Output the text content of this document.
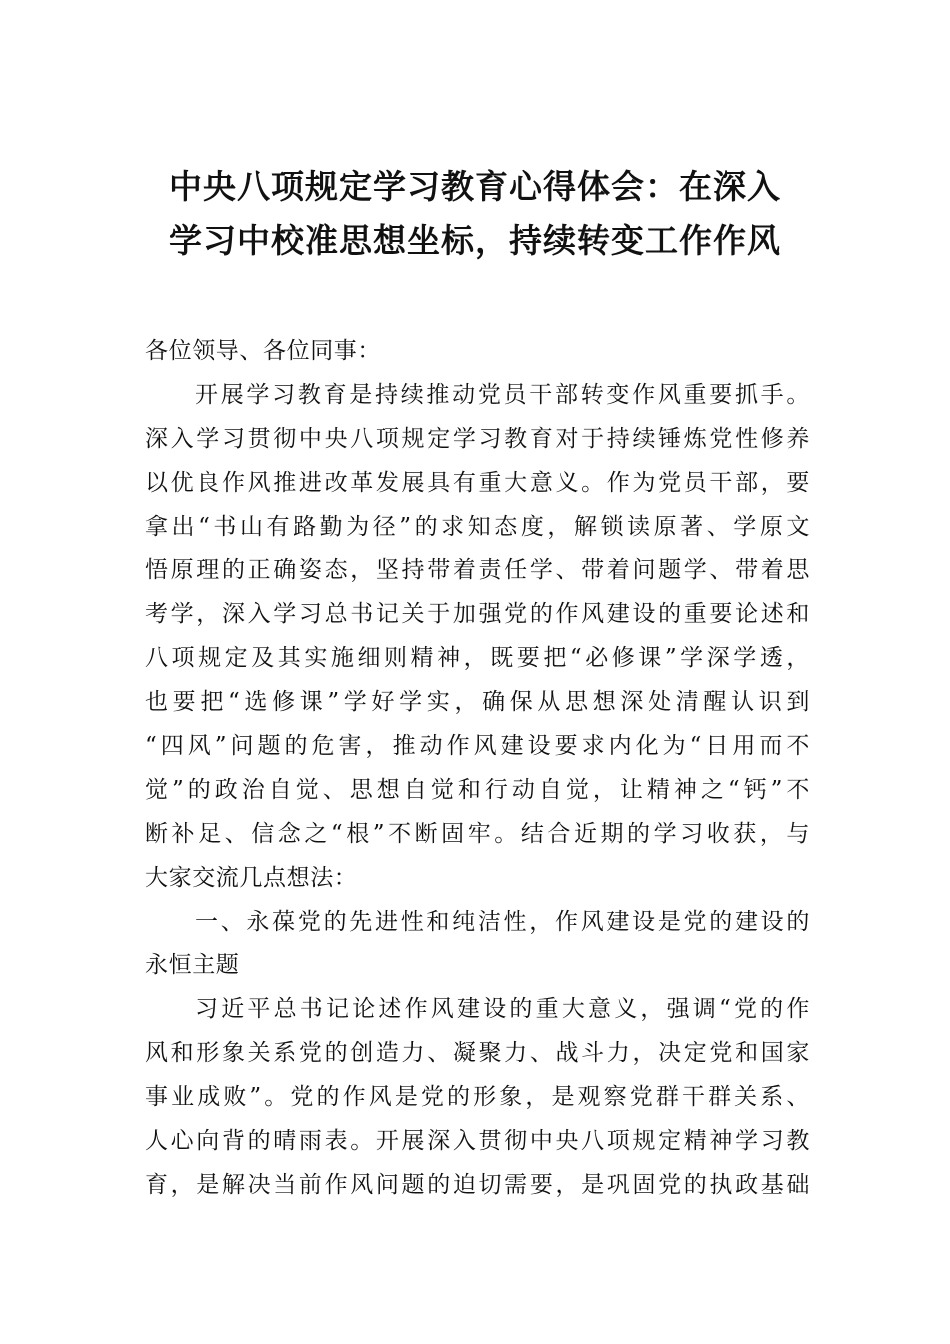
中央八项规定学习教育心得体会：在深入
学习中校准思想坐标，持续转变工作作风
各位领导、各位同事：
开展学习教育是持续推动党员干部转变作风重要抓手。
深入学习贯彻中央八项规定学习教育对于持续锤炼党性修养
以优良作风推进改革发展具有重大意义。作为党员干部，要
拿出“书山有路勤为径”的求知态度，解锁读原著、学原文
悟原理的正确姿态，坚持带着责任学、带着问题学、带着思
考学，深入学习总书记关于加强党的作风建设的重要论述和
八项规定及其实施细则精神，既要把“必修课”学深学透，
也要把“选修课”学好学实，确保从思想深处清醒认识到
“四风”问题的危害，推动作风建设要求内化为“日用而不
觉”的政治自觉、思想自觉和行动自觉，让精神之“钙”不
断补足、信念之“根”不断固牢。结合近期的学习收获，与
大家交流几点想法：
一、永葆党的先进性和纯洁性，作风建设是党的建设的
永恒主题
习近平总书记论述作风建设的重大意义，强调“党的作
风和形象关系党的创造力、凝聚力、战斗力，决定党和国家
事业成败”。党的作风是党的形象，是观察党群干群关系、
人心向背的晴雨表。开展深入贯彻中央八项规定精神学习教
育，是解决当前作风问题的迫切需要，是巩固党的执政基础
